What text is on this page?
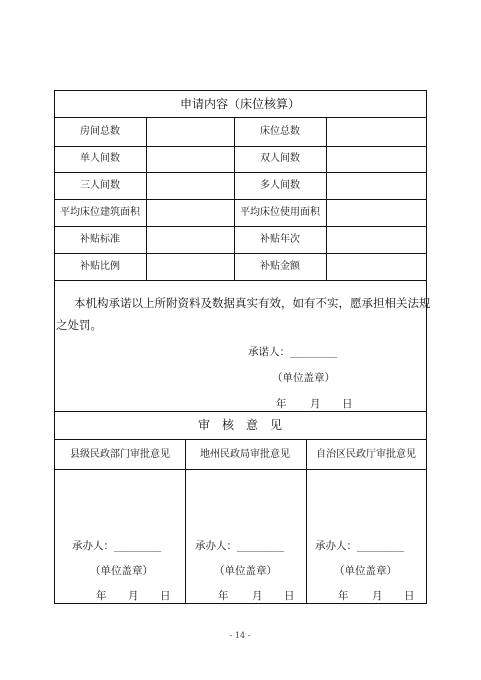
申请内容（床位核算）
房间总数	床位总数
单人间数	双人间数
三人间数	多人间数
平均床位建筑面积	平均床位使用面积
补贴标准	补贴年次
补贴比例	补贴金额
本机构承诺以上所附资料及数据真实有效，如有不实，愿承担相关法规
之处罚。
承诺人：_________
（单位盖章）
年 月 日
审　核　意　见
县级民政部门审批意见	地州民政局审批意见	自治区民政厅审批意见
承办人：_________
（单位盖章）
年 月 日
承办人：_________
（单位盖章）
年 月 日
承办人：_________
（单位盖章）
年 月 日
- 14 -
